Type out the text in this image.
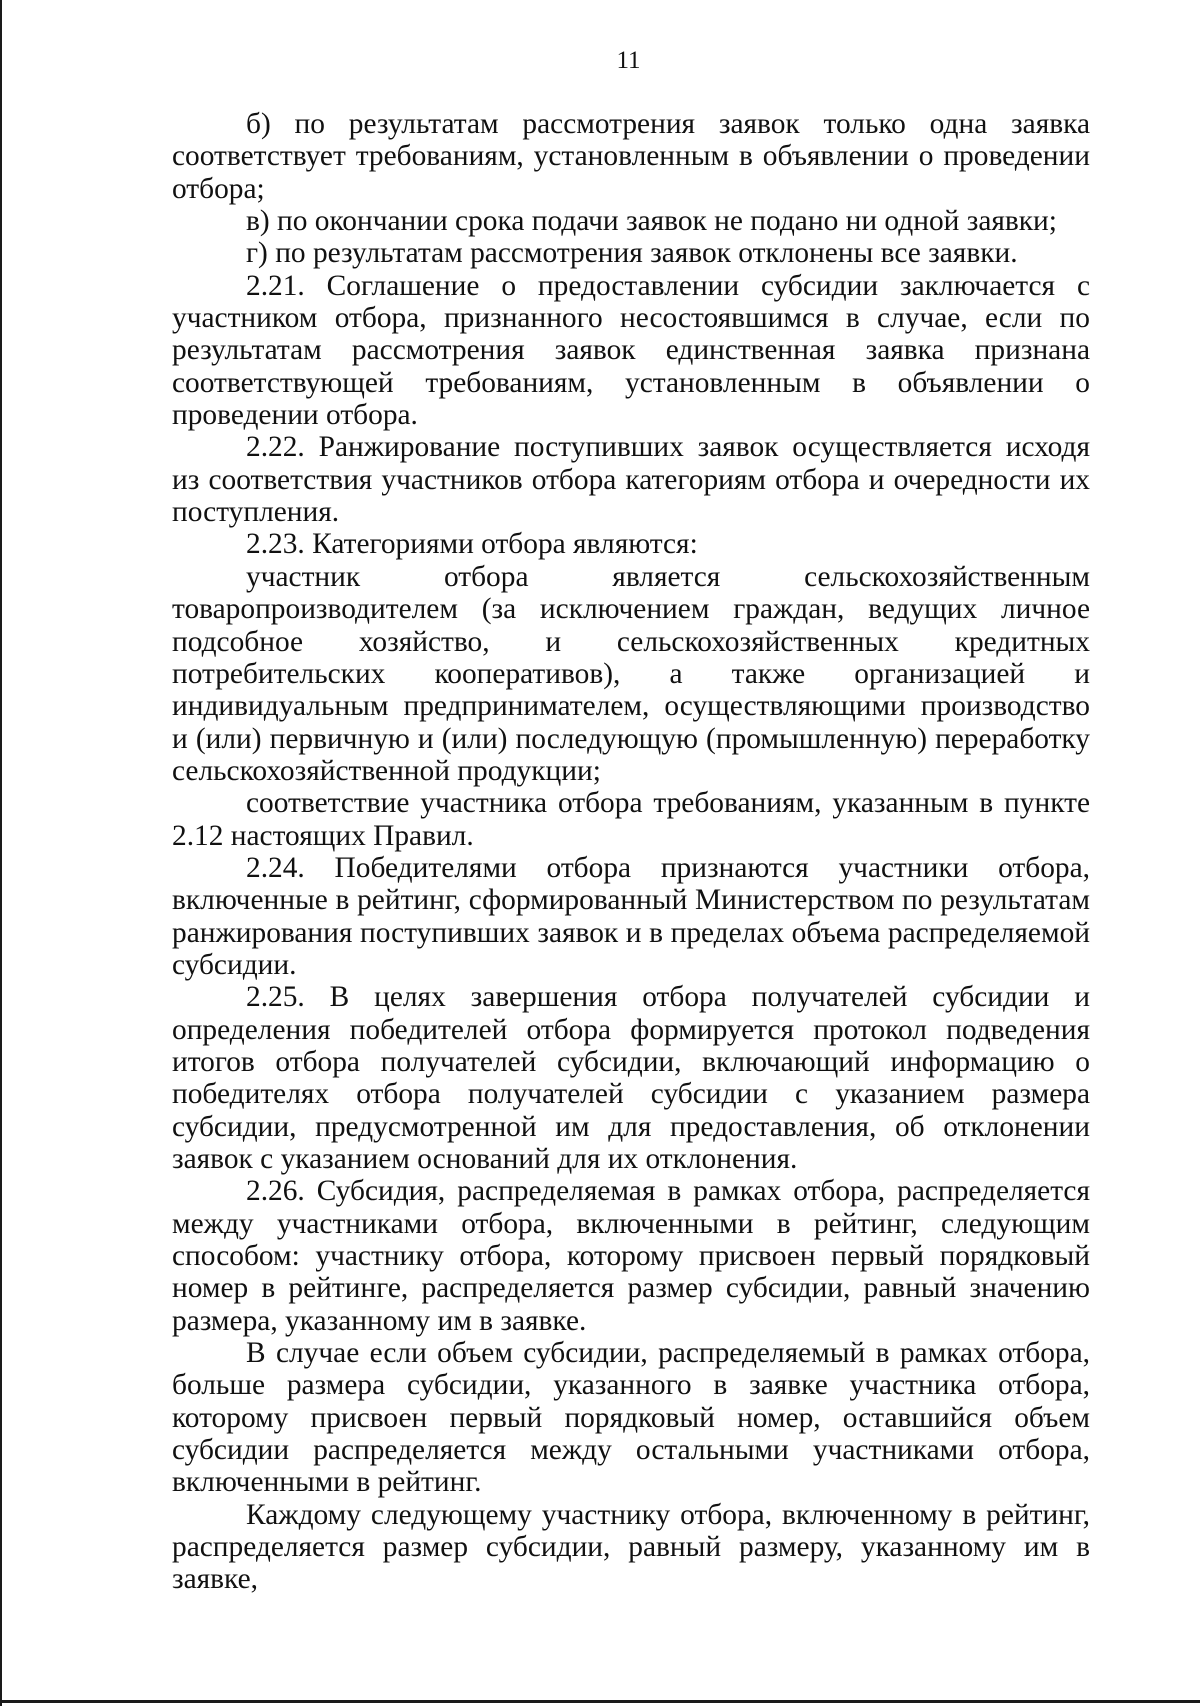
11

б) по результатам рассмотрения заявок только одна заявка соответствует требованиям, установленным в объявлении о проведении отбора;

в) по окончании срока подачи заявок не подано ни одной заявки;

г) по результатам рассмотрения заявок отклонены все заявки.

2.21. Соглашение о предоставлении субсидии заключается с участником отбора, признанного несостоявшимся в случае, если по результатам рассмотрения заявок единственная заявка признана соответствующей требованиям, установленным в объявлении о проведении отбора.

2.22. Ранжирование поступивших заявок осуществляется исходя из соответствия участников отбора категориям отбора и очередности их поступления.

2.23. Категориями отбора являются:

участник отбора является сельскохозяйственным товаропроизводителем (за исключением граждан, ведущих личное подсобное хозяйство, и сельскохозяйственных кредитных потребительских кооперативов), а также организацией и индивидуальным предпринимателем, осуществляющими производство и (или) первичную и (или) последующую (промышленную) переработку сельскохозяйственной продукции;

соответствие участника отбора требованиям, указанным в пункте 2.12 настоящих Правил.

2.24. Победителями отбора признаются участники отбора, включенные в рейтинг, сформированный Министерством по результатам ранжирования поступивших заявок и в пределах объема распределяемой субсидии.

2.25. В целях завершения отбора получателей субсидии и определения победителей отбора формируется протокол подведения итогов отбора получателей субсидии, включающий информацию о победителях отбора получателей субсидии с указанием размера субсидии, предусмотренной им для предоставления, об отклонении заявок с указанием оснований для их отклонения.

2.26. Субсидия, распределяемая в рамках отбора, распределяется между участниками отбора, включенными в рейтинг, следующим способом: участнику отбора, которому присвоен первый порядковый номер в рейтинге, распределяется размер субсидии, равный значению размера, указанному им в заявке.

В случае если объем субсидии, распределяемый в рамках отбора, больше размера субсидии, указанного в заявке участника отбора, которому присвоен первый порядковый номер, оставшийся объем субсидии распределяется между остальными участниками отбора, включенными в рейтинг.

Каждому следующему участнику отбора, включенному в рейтинг, распределяется размер субсидии, равный размеру, указанному им в заявке,
